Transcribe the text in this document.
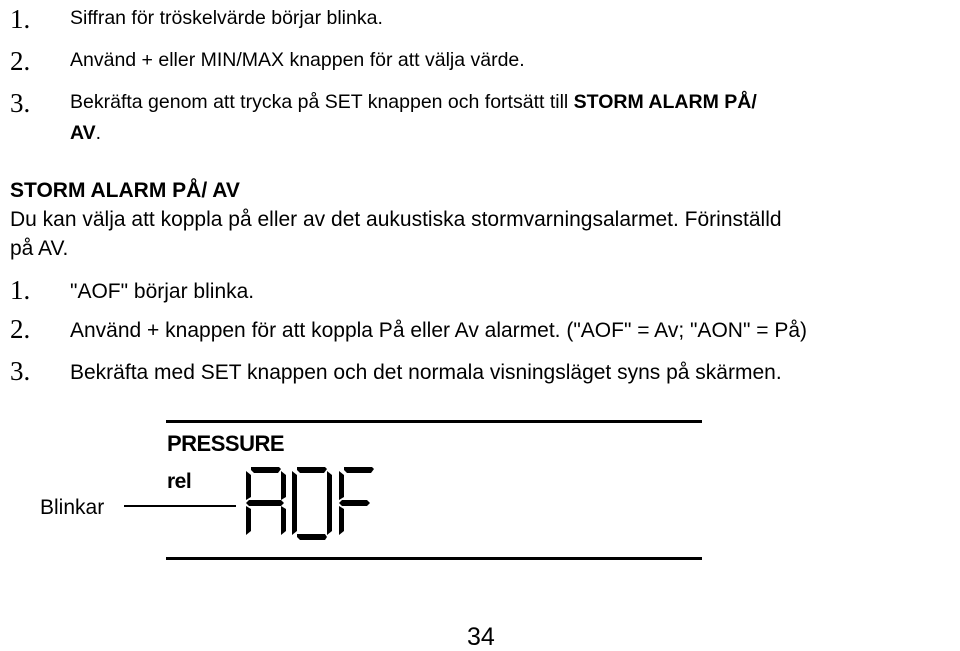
1. Siffran för tröskelvärde börjar blinka.
2. Använd + eller MIN/MAX knappen för att välja värde.
3. Bekräfta genom att trycka på SET knappen och fortsätt till STORM ALARM PÅ/
AV.
STORM ALARM PÅ/ AV
Du kan välja att koppla på eller av det aukustiska stormvarningsalarmet. Förinställd
på AV.
1. "AOF" börjar blinka.
2. Använd + knappen för att koppla På eller Av alarmet. ("AOF" = Av; "AON" = På)
3. Bekräfta med SET knappen och det normala visningsläget syns på skärmen.
PRESSURE
rel
Blinkar
34
